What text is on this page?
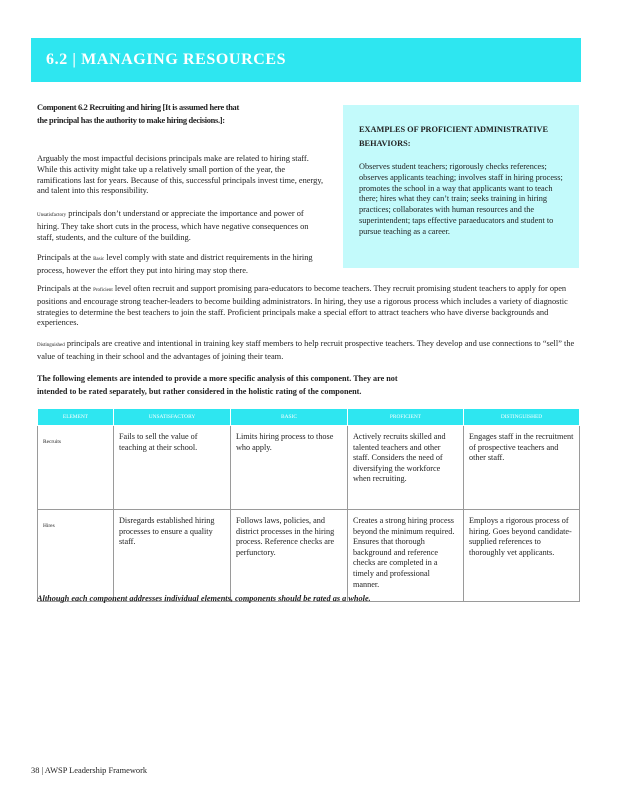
6.2 | MANAGING RESOURCES
Component 6.2 Recruiting and hiring [It is assumed here that the principal has the authority to make hiring decisions.]:
EXAMPLES OF PROFICIENT ADMINISTRATIVE BEHAVIORS:
Observes student teachers; rigorously checks references; observes applicants teaching; involves staff in hiring process; promotes the school in a way that applicants want to teach there; hires what they can’t train; seeks training in hiring practices; collaborates with human resources and the superintendent; taps effective paraeducators and student to pursue teaching as a career.
Arguably the most impactful decisions principals make are related to hiring staff. While this activity might take up a relatively small portion of the year, the ramifications last for years. Because of this, successful principals invest time, energy, and talent into this responsibility.
Unsatisfactory principals don’t understand or appreciate the importance and power of hiring. They take short cuts in the process, which have negative consequences on staff, students, and the culture of the building.
Principals at the Basic level comply with state and district requirements in the hiring process, however the effort they put into hiring may stop there.
Principals at the Proficient level often recruit and support promising para-educators to become teachers. They recruit promising student teachers to apply for open positions and encourage strong teacher-leaders to become building administrators. In hiring, they use a rigorous process which includes a variety of diagnostic strategies to determine the best teachers to join the staff. Proficient principals make a special effort to attract teachers who have diverse backgrounds and experiences.
Distinguished principals are creative and intentional in training key staff members to help recruit prospective teachers. They develop and use connections to “sell” the value of teaching in their school and the advantages of joining their team.
The following elements are intended to provide a more specific analysis of this component. They are not intended to be rated separately, but rather considered in the holistic rating of the component.
ELEMENT	UNSATISFACTORY	BASIC	PROFICIENT	DISTINGUISHED
Recruits	Fails to sell the value of teaching at their school.	Limits hiring process to those who apply.	Actively recruits skilled and talented teachers and other staff. Considers the need of diversifying the workforce when recruiting.	Engages staff in the recruitment of prospective teachers and other staff.
Hires	Disregards established hiring processes to ensure a quality staff.	Follows laws, policies, and district processes in the hiring process. Reference checks are perfunctory.	Creates a strong hiring process beyond the minimum required. Ensures that thorough background and reference checks are completed in a timely and professional manner.	Employs a rigorous process of hiring. Goes beyond candidate-supplied references to thoroughly vet applicants.
Although each component addresses individual elements, components should be rated as a whole.
38 | AWSP Leadership Framework
